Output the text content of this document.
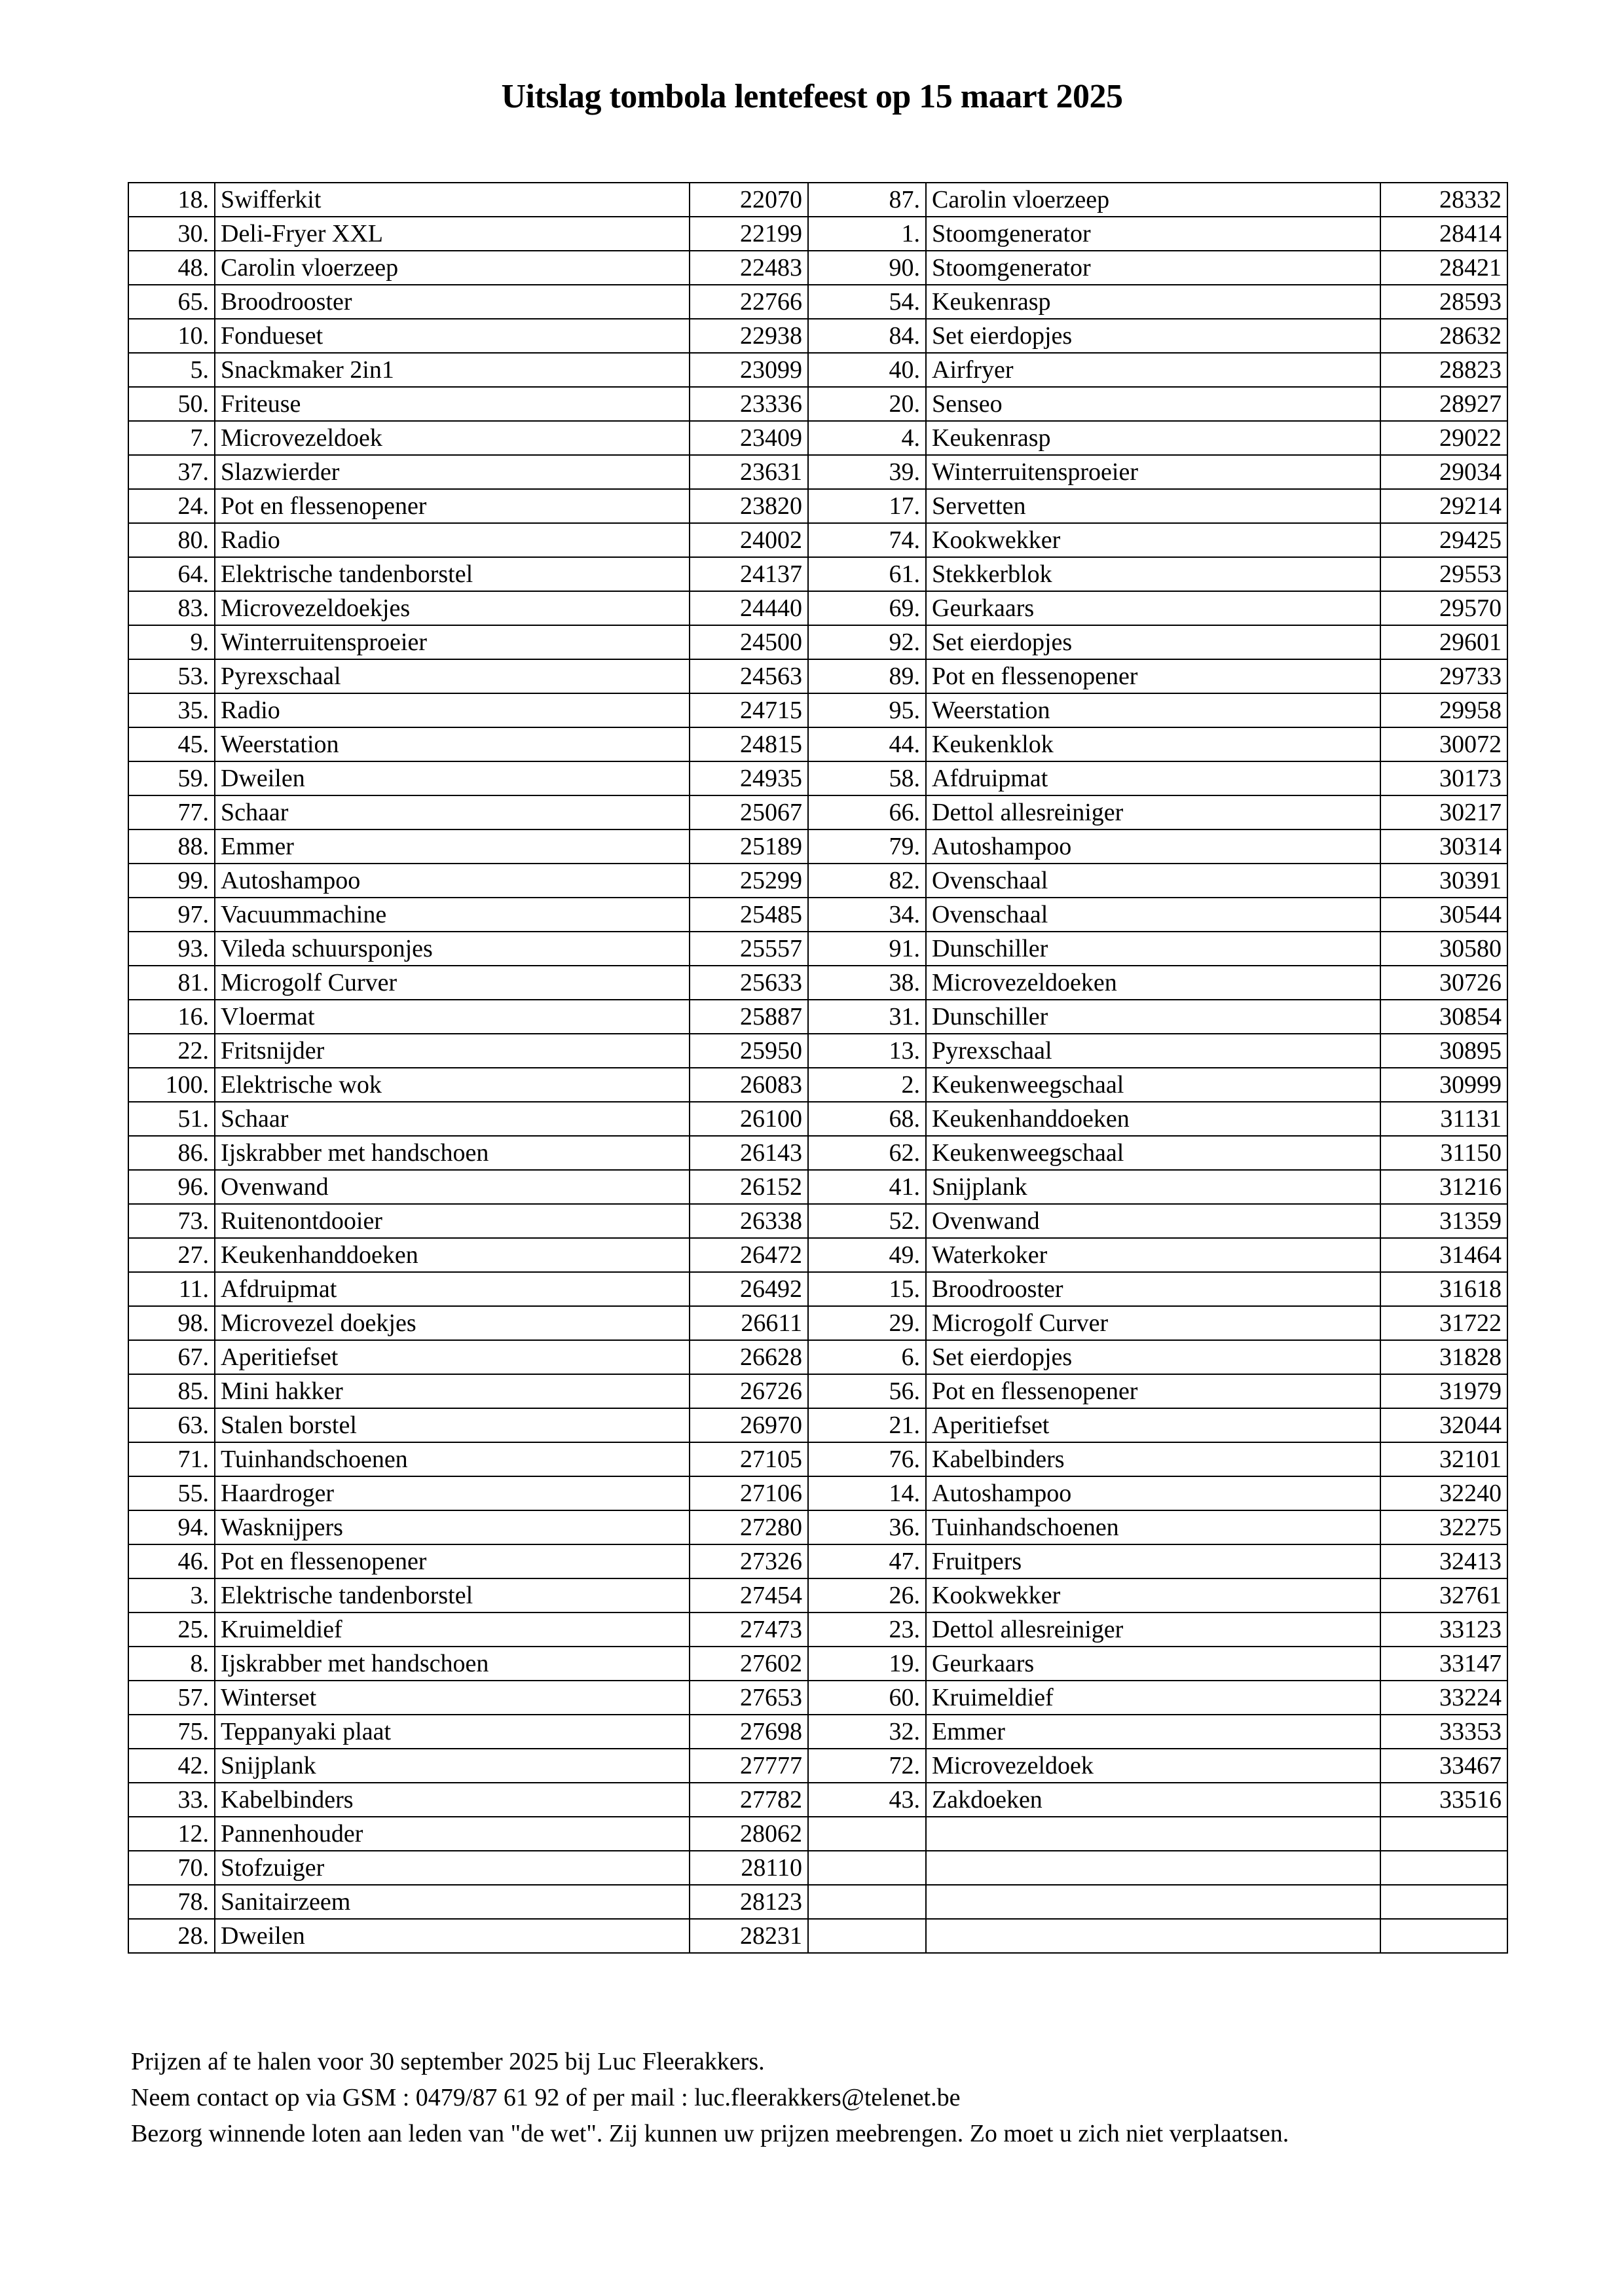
Uitslag tombola lentefeest op 15 maart 2025
18.	Swifferkit	22070	87.	Carolin vloerzeep	28332
30.	Deli-Fryer XXL	22199	1.	Stoomgenerator	28414
48.	Carolin vloerzeep	22483	90.	Stoomgenerator	28421
65.	Broodrooster	22766	54.	Keukenrasp	28593
10.	Fondueset	22938	84.	Set eierdopjes	28632
5.	Snackmaker 2in1	23099	40.	Airfryer	28823
50.	Friteuse	23336	20.	Senseo	28927
7.	Microvezeldoek	23409	4.	Keukenrasp	29022
37.	Slazwierder	23631	39.	Winterruitensproeier	29034
24.	Pot en flessenopener	23820	17.	Servetten	29214
80.	Radio	24002	74.	Kookwekker	29425
64.	Elektrische tandenborstel	24137	61.	Stekkerblok	29553
83.	Microvezeldoekjes	24440	69.	Geurkaars	29570
9.	Winterruitensproeier	24500	92.	Set eierdopjes	29601
53.	Pyrexschaal	24563	89.	Pot en flessenopener	29733
35.	Radio	24715	95.	Weerstation	29958
45.	Weerstation	24815	44.	Keukenklok	30072
59.	Dweilen	24935	58.	Afdruipmat	30173
77.	Schaar	25067	66.	Dettol allesreiniger	30217
88.	Emmer	25189	79.	Autoshampoo	30314
99.	Autoshampoo	25299	82.	Ovenschaal	30391
97.	Vacuummachine	25485	34.	Ovenschaal	30544
93.	Vileda schuursponjes	25557	91.	Dunschiller	30580
81.	Microgolf Curver	25633	38.	Microvezeldoeken	30726
16.	Vloermat	25887	31.	Dunschiller	30854
22.	Fritsnijder	25950	13.	Pyrexschaal	30895
100.	Elektrische wok	26083	2.	Keukenweegschaal	30999
51.	Schaar	26100	68.	Keukenhanddoeken	31131
86.	Ijskrabber met handschoen	26143	62.	Keukenweegschaal	31150
96.	Ovenwand	26152	41.	Snijplank	31216
73.	Ruitenontdooier	26338	52.	Ovenwand	31359
27.	Keukenhanddoeken	26472	49.	Waterkoker	31464
11.	Afdruipmat	26492	15.	Broodrooster	31618
98.	Microvezel doekjes	26611	29.	Microgolf Curver	31722
67.	Aperitiefset	26628	6.	Set eierdopjes	31828
85.	Mini hakker	26726	56.	Pot en flessenopener	31979
63.	Stalen borstel	26970	21.	Aperitiefset	32044
71.	Tuinhandschoenen	27105	76.	Kabelbinders	32101
55.	Haardroger	27106	14.	Autoshampoo	32240
94.	Wasknijpers	27280	36.	Tuinhandschoenen	32275
46.	Pot en flessenopener	27326	47.	Fruitpers	32413
3.	Elektrische tandenborstel	27454	26.	Kookwekker	32761
25.	Kruimeldief	27473	23.	Dettol allesreiniger	33123
8.	Ijskrabber met handschoen	27602	19.	Geurkaars	33147
57.	Winterset	27653	60.	Kruimeldief	33224
75.	Teppanyaki plaat	27698	32.	Emmer	33353
42.	Snijplank	27777	72.	Microvezeldoek	33467
33.	Kabelbinders	27782	43.	Zakdoeken	33516
12.	Pannenhouder	28062			
70.	Stofzuiger	28110			
78.	Sanitairzeem	28123			
28.	Dweilen	28231			
Prijzen af te halen voor 30 september 2025 bij Luc Fleerakkers.
Neem contact op via GSM : 0479/87 61 92 of per mail : luc.fleerakkers@telenet.be
Bezorg winnende loten aan leden van "de wet". Zij kunnen uw prijzen meebrengen. Zo moet u zich niet verplaatsen.
